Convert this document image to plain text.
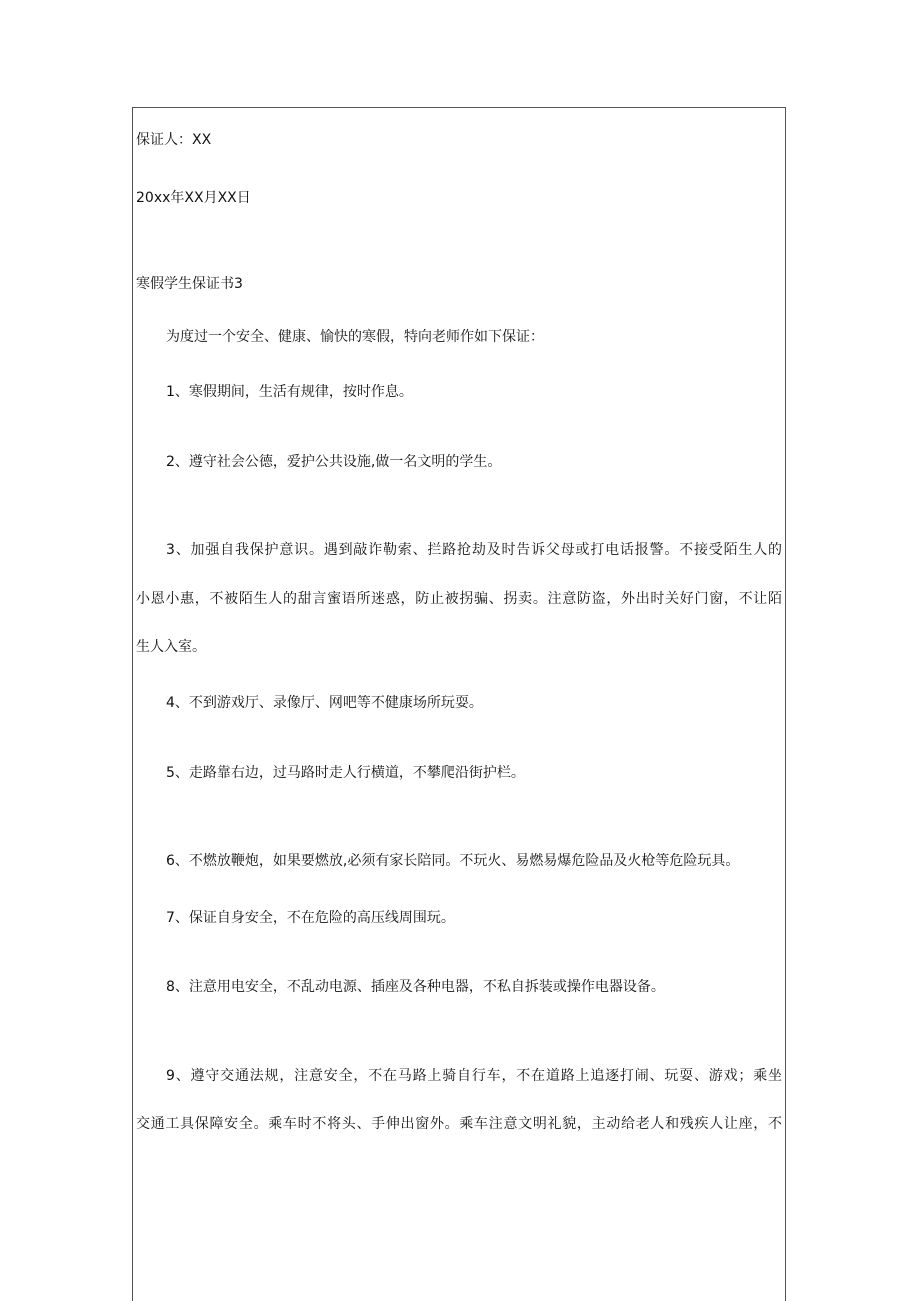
保证人：XX
20xx年XX月XX日
寒假学生保证书3
为度过一个安全、健康、愉快的寒假，特向老师作如下保证：
1、寒假期间，生活有规律，按时作息。
2、遵守社会公德，爱护公共设施,做一名文明的学生。
3、加强自我保护意识。遇到敲诈勒索、拦路抢劫及时告诉父母或打电话报警。不接受陌生人的
小恩小惠，不被陌生人的甜言蜜语所迷惑，防止被拐骗、拐卖。注意防盗，外出时关好门窗，不让陌
生人入室。
4、不到游戏厅、录像厅、网吧等不健康场所玩耍。
5、走路靠右边，过马路时走人行横道，不攀爬沿街护栏。
6、不燃放鞭炮，如果要燃放,必须有家长陪同。不玩火、易燃易爆危险品及火枪等危险玩具。
7、保证自身安全，不在危险的高压线周围玩。
8、注意用电安全，不乱动电源、插座及各种电器，不私自拆装或操作电器设备。
9、遵守交通法规，注意安全，不在马路上骑自行车，不在道路上追逐打闹、玩耍、游戏；乘坐
交通工具保障安全。乘车时不将头、手伸出窗外。乘车注意文明礼貌，主动给老人和残疾人让座，不
